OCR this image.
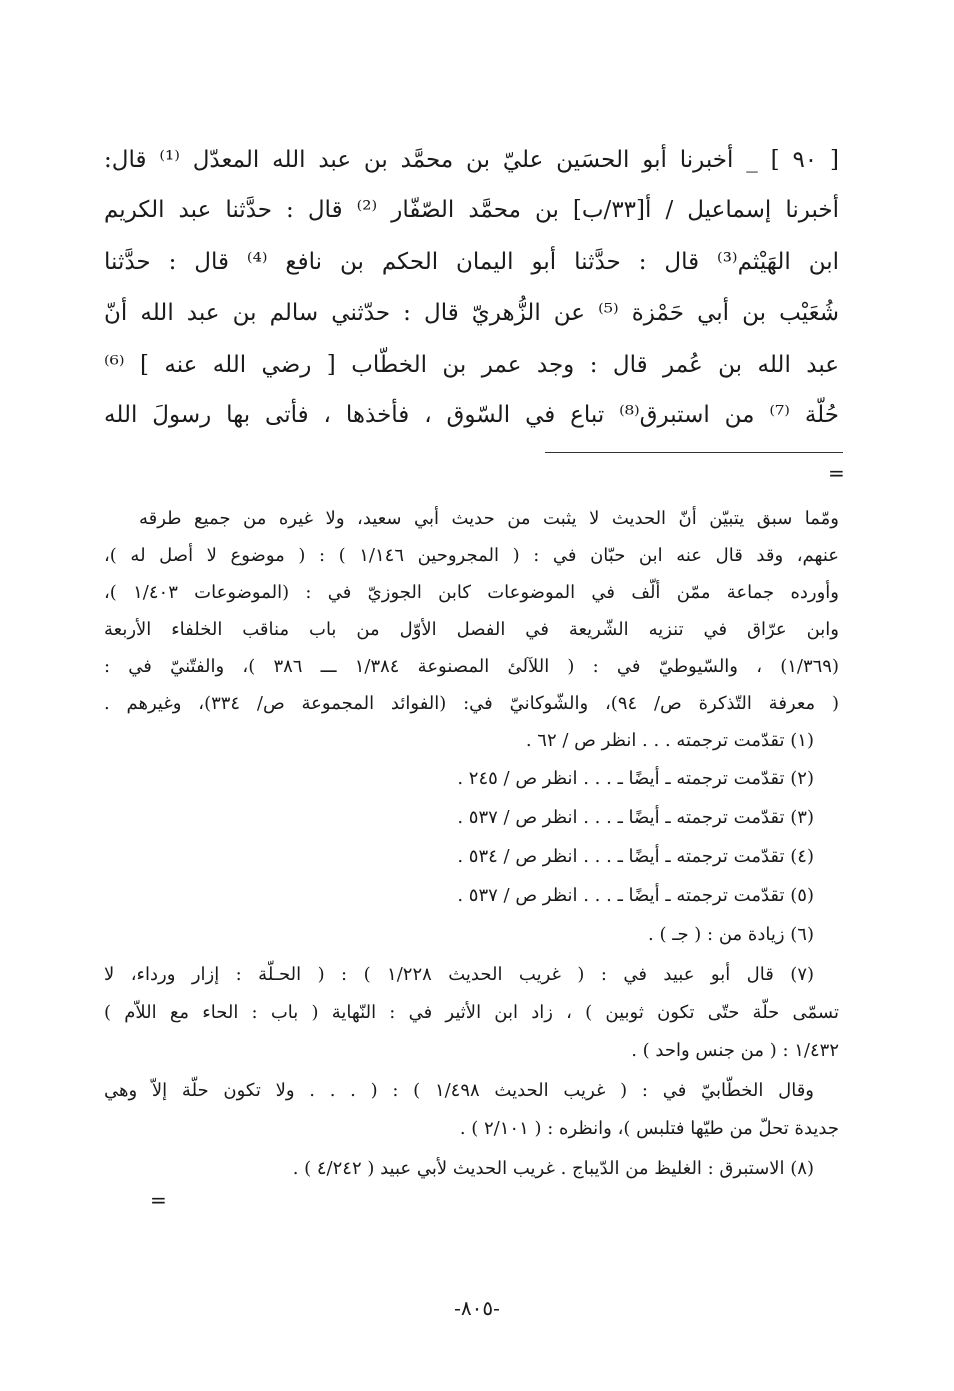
[ ٩٠ ] _ أخبرنا أبو الحسَين عليّ بن محمَّد بن عبد الله المعدّل ⁽¹⁾ قال:
أخبرنا إسماعيل / أ[٣٣/ب] بن محمَّد الصّفّار ⁽²⁾ قال : حدَّثنا عبد الكريم
ابن الهَيْثم⁽³⁾ قال : حدَّثنا أبو اليمان الحكم بن نافع ⁽⁴⁾ قال : حدَّثنا
شُعَيْب بن أبي حَمْزة ⁽⁵⁾ عن الزُّهريّ قال : حدّثني سالم بن عبد الله أنّ
عبد الله بن عُمر قال : وجد عمر بن الخطّاب [ رضي الله عنه ] ⁽⁶⁾
حُلّة ⁽⁷⁾ من استبرق⁽⁸⁾ تباع في السّوق ، فأخذها ، فأتى بها رسولَ الله
=
ومّما سبق يتبيّن أنّ الحديث لا يثبت من حديث أبي سعيد، ولا غيره من جميع طرقه
عنهم، وقد قال عنه ابن حبّان في : ( المجروحين ١/١٤٦ ) : ( موضوع لا أصل له )،
وأورده جماعة ممّن ألّف في الموضوعات كابن الجوزيّ في : (الموضوعات ١/٤٠٣ )،
وابن عرّاق في تنزيه الشّريعة في الفصل الأوّل من باب مناقب الخلفاء الأربعة
(١/٣٦٩) ، والسّيوطيّ في : ( اللآلئ المصنوعة ١/٣٨٤ ـــ ٣٨٦ )، والفتّنيّ في :
( معرفة التّذكرة ص/ ٩٤)، والشّوكانيّ في: (الفوائد المجموعة ص/ ٣٣٤)، وغيرهم .
(١) تقدّمت ترجمته . . . انظر ص / ٦٢ .
(٢) تقدّمت ترجمته ـ أيضًا ـ . . . انظر ص / ٢٤٥ .
(٣) تقدّمت ترجمته ـ أيضًا ـ . . . انظر ص / ٥٣٧ .
(٤) تقدّمت ترجمته ـ أيضًا ـ . . . انظر ص / ٥٣٤ .
(٥) تقدّمت ترجمته ـ أيضًا ـ . . . انظر ص / ٥٣٧ .
(٦) زيادة من : ( جـ ) .
(٧) قال أبو عبيد في : ( غريب الحديث ١/٢٢٨ ) : ( الحـلّة : إزار ورداء، لا
تسمّى حلّة حتّى تكون ثوبين ) ، زاد ابن الأثير في : النّهاية ( باب : الحاء مع اللاّم )
١/٤٣٢ : ( من جنس واحد ) .
وقال الخطّابيّ في : ( غريب الحديث ١/٤٩٨ ) : ( . . . ولا تكون حلّة إلاّ وهي
جديدة تحلّ من طيّها فتلبس )، وانظره : ( ٢/١٠١ ) .
(٨) الاستبرق : الغليظ من الدّيباج . غريب الحديث لأبي عبيد ( ٤/٢٤٢ ) .
=
-٨٠٥-
